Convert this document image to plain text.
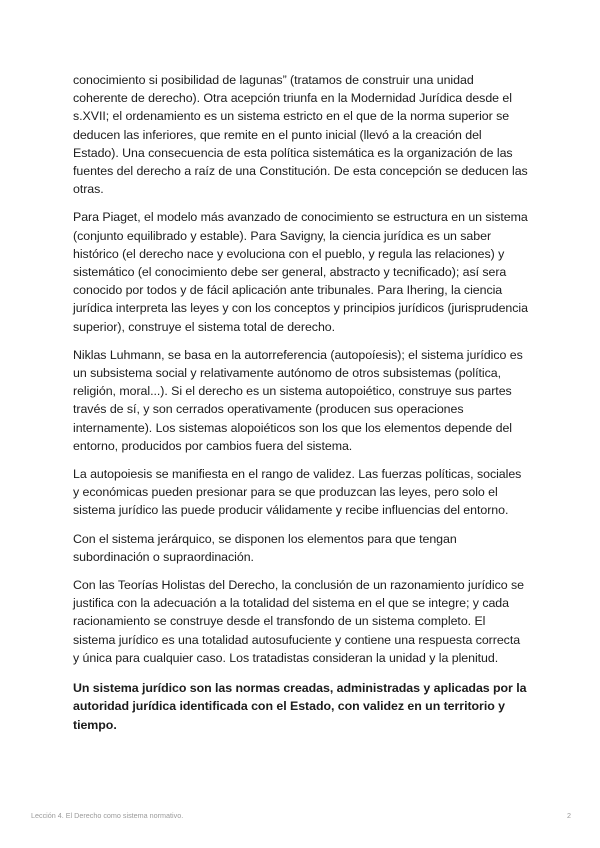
conocimiento si posibilidad de lagunas” (tratamos de construir una unidad coherente de derecho). Otra acepción triunfa en la Modernidad Jurídica desde el s.XVII; el ordenamiento es un sistema estricto en el que de la norma superior se deducen las inferiores, que remite en el punto inicial (llevó a la creación del Estado). Una consecuencia de esta política sistemática es la organización de las fuentes del derecho a raíz de una Constitución. De esta concepción se deducen las otras.

Para Piaget, el modelo más avanzado de conocimiento se estructura en un sistema (conjunto equilibrado y estable). Para Savigny, la ciencia jurídica es un saber histórico (el derecho nace y evoluciona con el pueblo, y regula las relaciones) y sistemático (el conocimiento debe ser general, abstracto y tecnificado); así sera conocido por todos y de fácil aplicación ante tribunales. Para Ihering, la ciencia jurídica interpreta las leyes y con los conceptos y principios jurídicos (jurisprudencia superior), construye el sistema total de derecho.

Niklas Luhmann, se basa en la autorreferencia (autopoíesis); el sistema jurídico es un subsistema social y relativamente autónomo de otros subsistemas (política, religión, moral...). Si el derecho es un sistema autopoiético, construye sus partes través de sí, y son cerrados operativamente (producen sus operaciones internamente). Los sistemas alopoiéticos son los que los elementos depende del entorno, producidos por cambios fuera del sistema.

La autopoiesis se manifiesta en el rango de validez. Las fuerzas políticas, sociales y económicas pueden presionar para se que produzcan las leyes, pero solo el sistema jurídico las puede producir válidamente y recibe influencias del entorno.

Con el sistema jerárquico, se disponen los elementos para que tengan subordinación o supraordinación.

Con las Teorías Holistas del Derecho, la conclusión de un razonamiento jurídico se justifica con la adecuación a la totalidad del sistema en el que se integre; y cada racionamiento se construye desde el transfondo de un sistema completo. El sistema jurídico es una totalidad autosufuciente y contiene una respuesta correcta y única para cualquier caso. Los tratadistas consideran la unidad y la plenitud.

Un sistema jurídico son las normas creadas, administradas y aplicadas por la autoridad jurídica identificada con el Estado, con validez en un territorio y tiempo.

Lección 4. El Derecho como sistema normativo.	2
